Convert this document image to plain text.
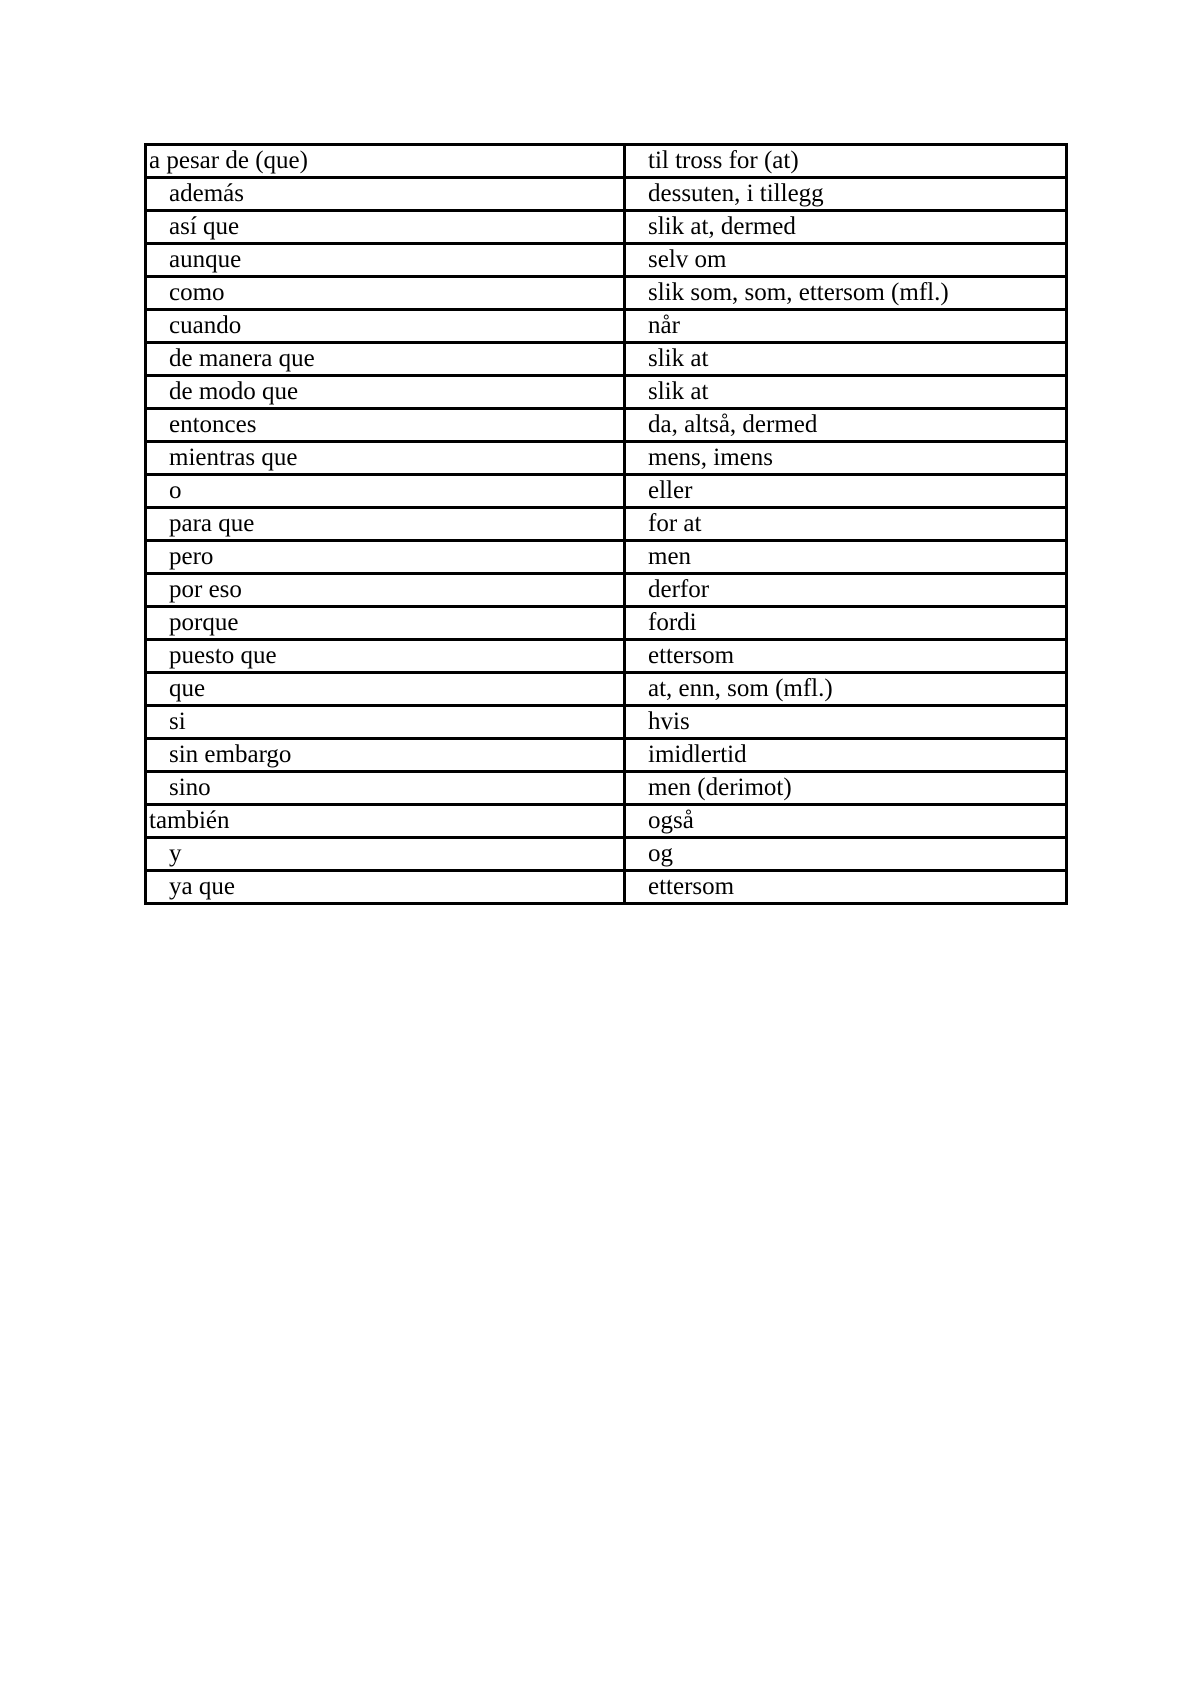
a pesar de (que)	til tross for (at)
además	dessuten, i tillegg
así que	slik at, dermed
aunque	selv om
como	slik som, som, ettersom (mfl.)
cuando	når
de manera que	slik at
de modo que	slik at
entonces	da, altså, dermed
mientras que	mens, imens
o	eller
para que	for at
pero	men
por eso	derfor
porque	fordi
puesto que	ettersom
que	at, enn, som (mfl.)
si	hvis
sin embargo	imidlertid
sino	men (derimot)
también	også
y	og
ya que	ettersom
